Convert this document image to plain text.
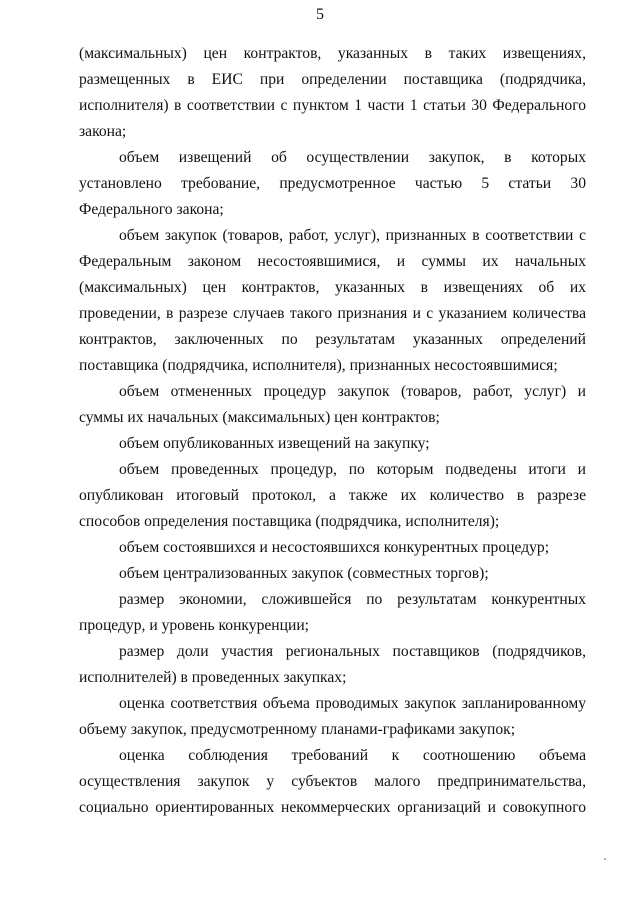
5
(максимальных) цен контрактов, указанных в таких извещениях,
размещенных в ЕИС при определении поставщика (подрядчика,
исполнителя) в соответствии с пунктом 1 части 1 статьи 30 Федерального
закона;
объем извещений об осуществлении закупок, в которых
установлено требование, предусмотренное частью 5 статьи 30
Федерального закона;
объем закупок (товаров, работ, услуг), признанных в соответствии с
Федеральным законом несостоявшимися, и суммы их начальных
(максимальных) цен контрактов, указанных в извещениях об их
проведении, в разрезе случаев такого признания и с указанием количества
контрактов, заключенных по результатам указанных определений
поставщика (подрядчика, исполнителя), признанных несостоявшимися;
объем отмененных процедур закупок (товаров, работ, услуг) и
суммы их начальных (максимальных) цен контрактов;
объем опубликованных извещений на закупку;
объем проведенных процедур, по которым подведены итоги и
опубликован итоговый протокол, а также их количество в разрезе
способов определения поставщика (подрядчика, исполнителя);
объем состоявшихся и несостоявшихся конкурентных процедур;
объем централизованных закупок (совместных торгов);
размер экономии, сложившейся по результатам конкурентных
процедур, и уровень конкуренции;
размер доли участия региональных поставщиков (подрядчиков,
исполнителей) в проведенных закупках;
оценка соответствия объема проводимых закупок запланированному
объему закупок, предусмотренному планами-графиками закупок;
оценка соблюдения требований к соотношению объема
осуществления закупок у субъектов малого предпринимательства,
социально ориентированных некоммерческих организаций и совокупного
